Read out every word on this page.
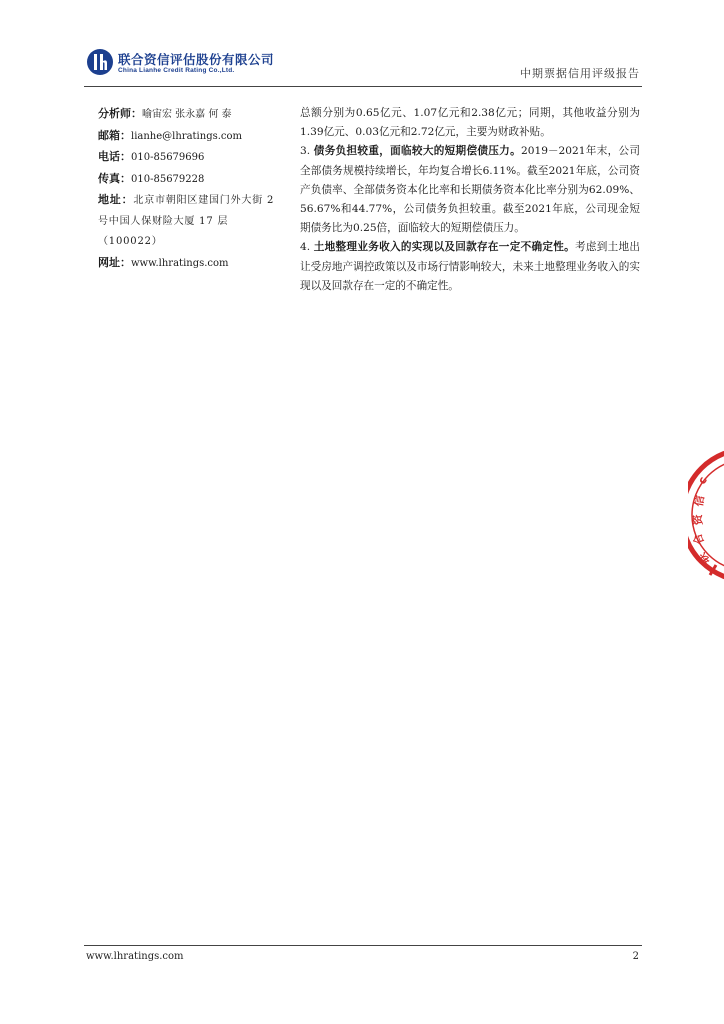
联合资信评估股份有限公司
China Lianhe Credit Rating Co.,Ltd.	中期票据信用评级报告
分析师：喻宙宏 张永嘉 何 泰
邮箱：lianhe@lhratings.com
电话：010-85679696
传真：010-85679228
地址：北京市朝阳区建国门外大街 2 号中国人保财险大厦 17 层（100022）
网址：www.lhratings.com

总额分别为0.65亿元、1.07亿元和2.38亿元；同期，其他收益分别为1.39亿元、0.03亿元和2.72亿元，主要为财政补贴。

3. 债务负担较重，面临较大的短期偿债压力。2019－2021年末，公司全部债务规模持续增长，年均复合增长6.11%。截至2021年底，公司资产负债率、全部债务资本化比率和长期债务资本化比率分别为62.09%、56.67%和44.77%，公司债务负担较重。截至2021年底，公司现金短期债务比为0.25倍，面临较大的短期偿债压力。

4. 土地整理业务收入的实现以及回款存在一定不确定性。考虑到土地出让受房地产调控政策以及市场行情影响较大，未来土地整理业务收入的实现以及回款存在一定的不确定性。

c
信
资
合
联
www.lhratings.com	2
